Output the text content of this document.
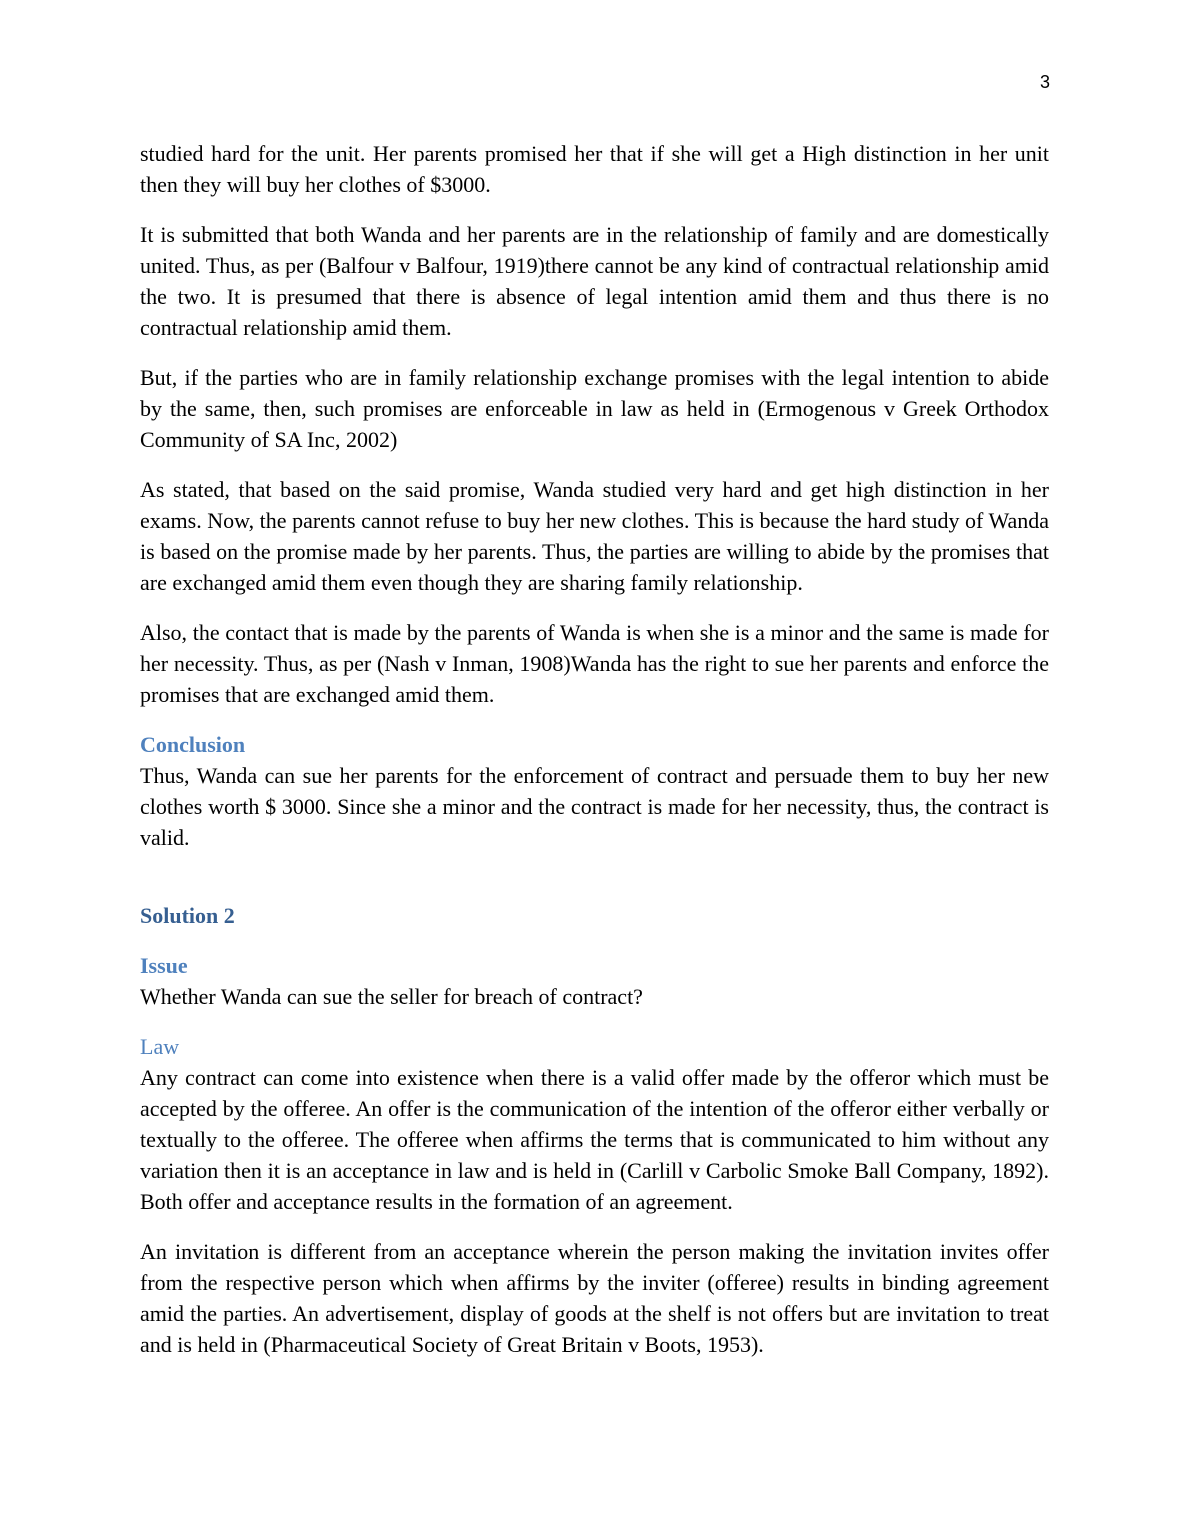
3

studied hard for the unit. Her parents promised her that if she will get a High distinction in her unit then they will buy her clothes of $3000.

It is submitted that both Wanda and her parents are in the relationship of family and are domestically united. Thus, as per (Balfour v Balfour, 1919)there cannot be any kind of contractual relationship amid the two. It is presumed that there is absence of legal intention amid them and thus there is no contractual relationship amid them.

But, if the parties who are in family relationship exchange promises with the legal intention to abide by the same, then, such promises are enforceable in law as held in (Ermogenous v Greek Orthodox Community of SA Inc, 2002)

As stated, that based on the said promise, Wanda studied very hard and get high distinction in her exams. Now, the parents cannot refuse to buy her new clothes. This is because the hard study of Wanda is based on the promise made by her parents. Thus, the parties are willing to abide by the promises that are exchanged amid them even though they are sharing family relationship.

Also, the contact that is made by the parents of Wanda is when she is a minor and the same is made for her necessity. Thus, as per (Nash v Inman, 1908)Wanda has the right to sue her parents and enforce the promises that are exchanged amid them.

Conclusion

Thus, Wanda can sue her parents for the enforcement of contract and persuade them to buy her new clothes worth $ 3000. Since she a minor and the contract is made for her necessity, thus, the contract is valid.

Solution 2
Issue

Whether Wanda can sue the seller for breach of contract?

Law

Any contract can come into existence when there is a valid offer made by the offeror which must be accepted by the offeree. An offer is the communication of the intention of the offeror either verbally or textually to the offeree. The offeree when affirms the terms that is communicated to him without any variation then it is an acceptance in law and is held in (Carlill v Carbolic Smoke Ball Company, 1892). Both offer and acceptance results in the formation of an agreement.

An invitation is different from an acceptance wherein the person making the invitation invites offer from the respective person which when affirms by the inviter (offeree) results in binding agreement amid the parties. An advertisement, display of goods at the shelf is not offers but are invitation to treat and is held in (Pharmaceutical Society of Great Britain v Boots, 1953).
